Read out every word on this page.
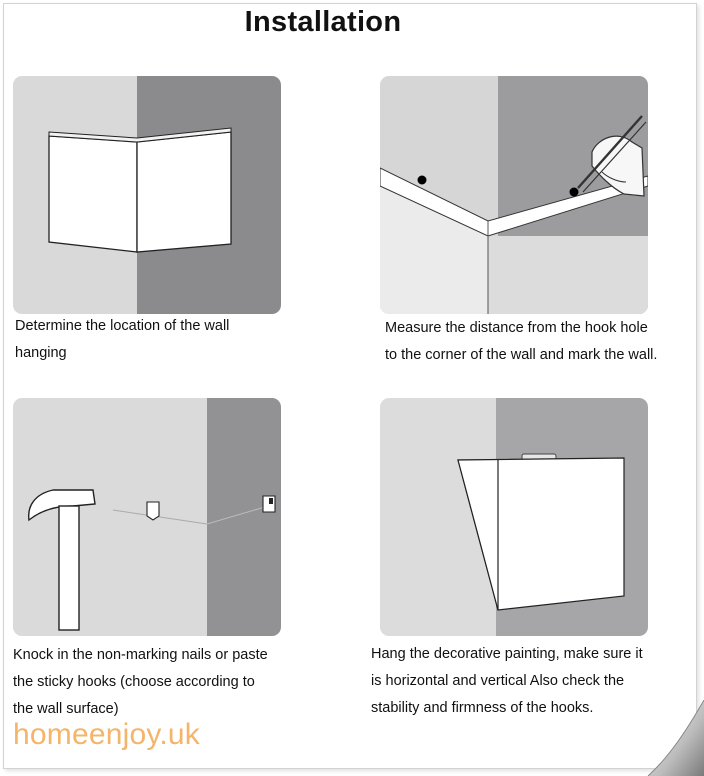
Installation
Determine the location of the wall
hanging
Measure the distance from the hook hole
to the corner of the wall and mark the wall.
Knock in the non-marking nails or paste
the sticky hooks (choose according to
the wall surface)
Hang the decorative painting, make sure it
is horizontal and vertical Also check the
stability and firmness of the hooks.
homeenjoy.uk
